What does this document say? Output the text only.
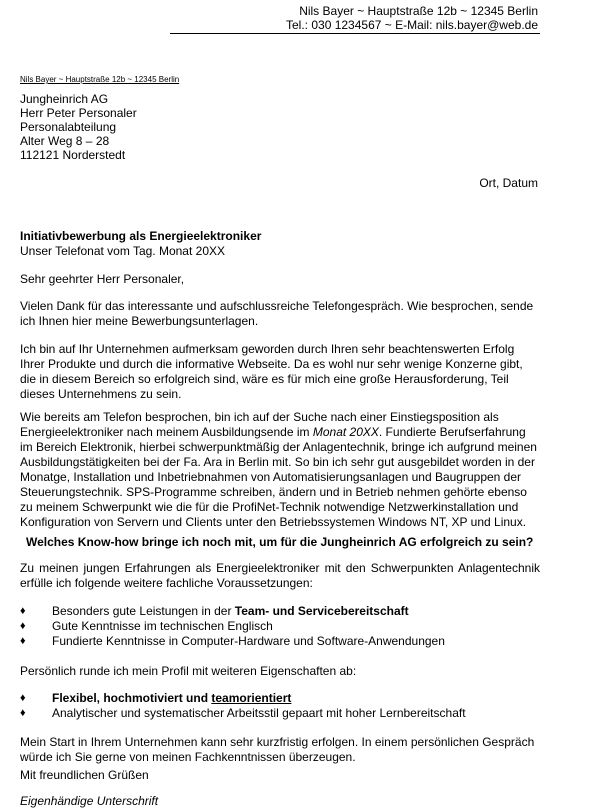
Nils Bayer ~ Hauptstraße 12b ~ 12345 Berlin
Tel.: 030 1234567 ~ E-Mail: nils.bayer@web.de
Nils Bayer ~ Hauptstraße 12b ~ 12345 Berlin
Jungheinrich AG
Herr Peter Personaler
Personalabteilung
Alter Weg 8 – 28
112121 Norderstedt
Ort, Datum
Initiativbewerbung als Energieelektroniker
Unser Telefonat vom Tag. Monat 20XX
Sehr geehrter Herr Personaler,
Vielen Dank für das interessante und aufschlussreiche Telefongespräch. Wie besprochen, sende ich Ihnen hier meine Bewerbungsunterlagen.
Ich bin auf Ihr Unternehmen aufmerksam geworden durch Ihren sehr beachtenswerten Erfolg Ihrer Produkte und durch die informative Webseite. Da es wohl nur sehr wenige Konzerne gibt, die in diesem Bereich so erfolgreich sind, wäre es für mich eine große Herausforderung, Teil dieses Unternehmens zu sein.
Wie bereits am Telefon besprochen, bin ich auf der Suche nach einer Einstiegsposition als Energieelektroniker nach meinem Ausbildungsende im Monat 20XX. Fundierte Berufserfahrung im Bereich Elektronik, hierbei schwerpunktmäßig der Anlagentechnik, bringe ich aufgrund meinen Ausbildungstätigkeiten bei der Fa. Ara in Berlin mit. So bin ich sehr gut ausgebildet worden in der Monatge, Installation und Inbetriebnahmen von Automatisierungsanlagen und Baugruppen der Steuerungstechnik. SPS-Programme schreiben, ändern und in Betrieb nehmen gehörte ebenso zu meinem Schwerpunkt wie die für die ProfiNet-Technik notwendige Netzwerkinstallation und Konfiguration von Servern und Clients unter den Betriebssystemen Windows NT, XP und Linux.
Welches Know-how bringe ich noch mit, um für die Jungheinrich AG erfolgreich zu sein?
Zu meinen jungen Erfahrungen als Energieelektroniker mit den Schwerpunkten Anlagentechnik erfülle ich folgende weitere fachliche Voraussetzungen:
♦ Besonders gute Leistungen in der Team- und Servicebereitschaft
♦ Gute Kenntnisse im technischen Englisch
♦ Fundierte Kenntnisse in Computer-Hardware und Software-Anwendungen
Persönlich runde ich mein Profil mit weiteren Eigenschaften ab:
♦ Flexibel, hochmotiviert und teamorientiert
♦ Analytischer und systematischer Arbeitsstil gepaart mit hoher Lernbereitschaft
Mein Start in Ihrem Unternehmen kann sehr kurzfristig erfolgen. In einem persönlichen Gespräch würde ich Sie gerne von meinen Fachkenntnissen überzeugen.
Mit freundlichen Grüßen
Eigenhändige Unterschrift
